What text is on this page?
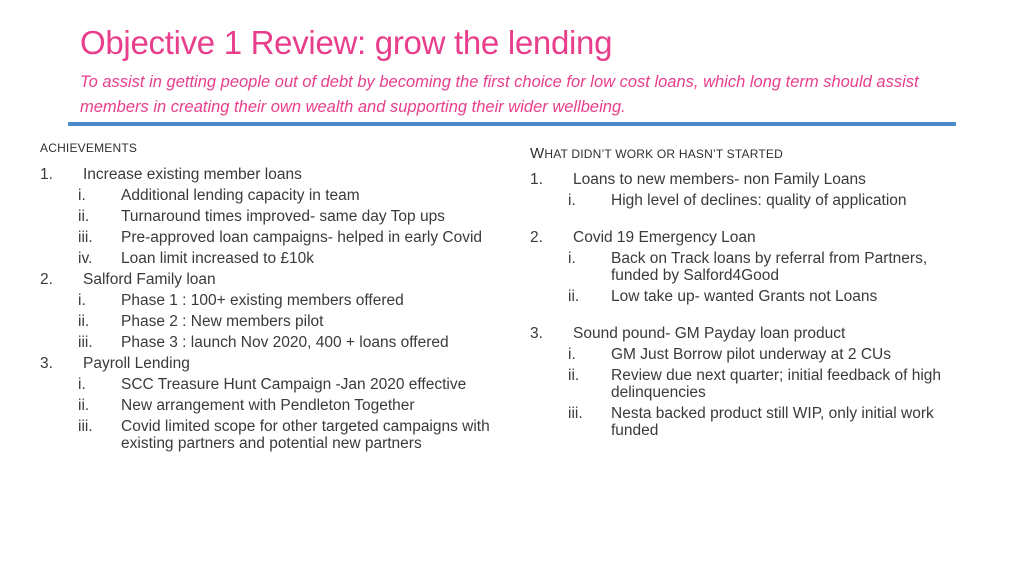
Objective 1 Review: grow the lending
To assist in getting people out of debt by becoming the first choice for low cost loans, which long term should assist members in creating their own wealth and supporting their wider wellbeing.
ACHIEVEMENTS
1.	Increase existing member loans
i.	Additional lending capacity in team
ii.	Turnaround times improved- same day Top ups
iii.	Pre-approved loan campaigns- helped in early Covid
iv.	Loan limit increased to £10k
2.	Salford Family loan
i.	Phase 1 : 100+ existing members offered
ii.	Phase 2 : New members pilot
iii.	Phase 3 : launch Nov 2020, 400 + loans offered
3.	Payroll Lending
i.	SCC Treasure Hunt Campaign -Jan 2020 effective
ii.	New arrangement with Pendleton Together
iii.	Covid limited scope for other targeted campaigns with existing partners and potential new partners
WHAT DIDN’T WORK OR HASN’T STARTED
1.	Loans to new members- non Family Loans
i.	High level of declines: quality of application
2.	Covid 19 Emergency Loan
i.	Back on Track loans by referral from Partners, funded by Salford4Good
ii.	Low take up- wanted Grants not Loans
3.	Sound pound- GM Payday loan product
i.	GM Just Borrow pilot underway at 2 CUs
ii.	Review due next quarter; initial feedback of high delinquencies
iii.	Nesta backed product still WIP, only initial work funded
